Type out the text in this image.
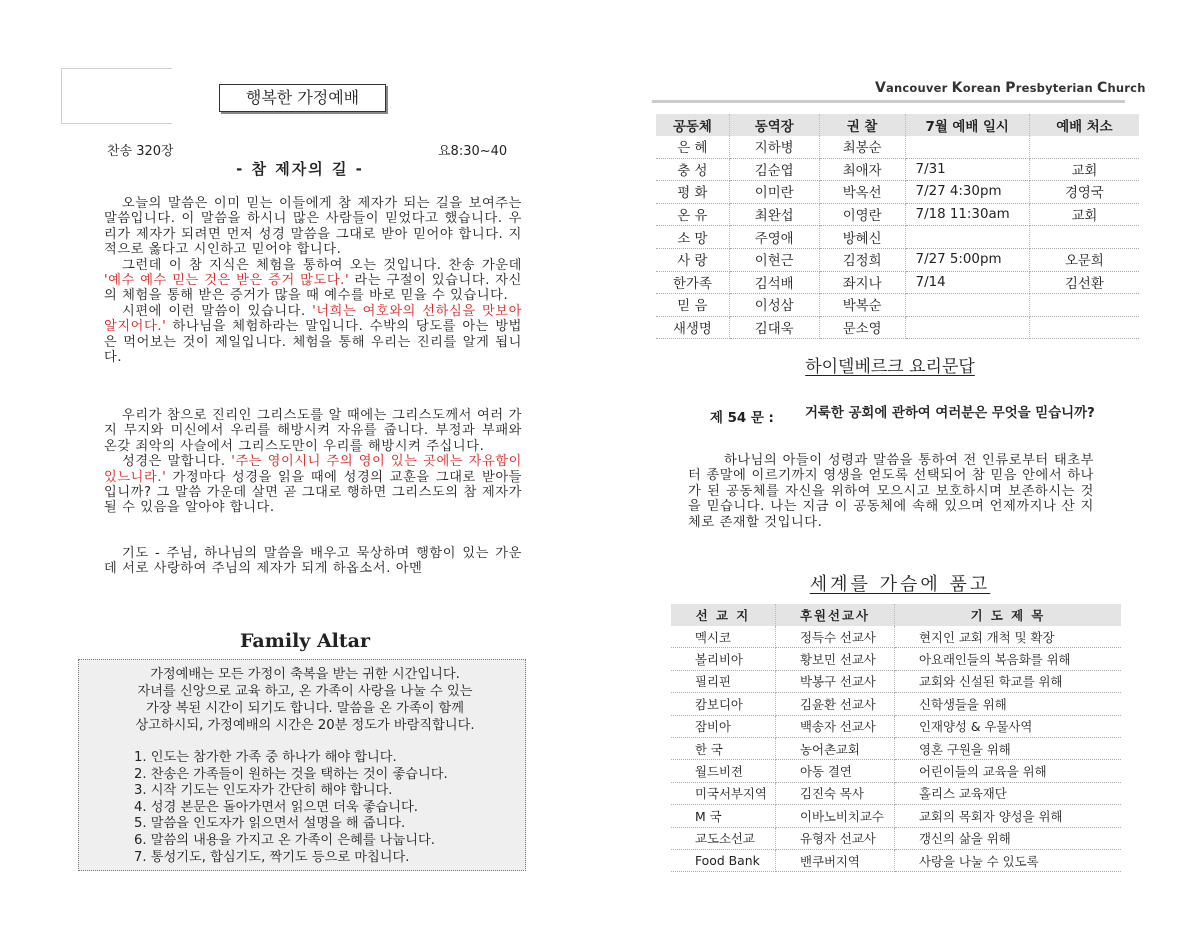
행복한 가정예배
찬송 320장	요8:30~40
- 참 제자의 길 -

오늘의 말씀은 이미 믿는 이들에게 참 제자가 되는 길을 보여주는 말씀입니다. 이 말씀을 하시니 많은 사람들이 믿었다고 했습니다. 우리가 제자가 되려면 먼저 성경 말씀을 그대로 받아 믿어야 합니다. 지적으로 옳다고 시인하고 믿어야 합니다.

그런데 이 참 지식은 체험을 통하여 오는 것입니다. 찬송 가운데 '예수 예수 믿는 것은 받은 증거 많도다.' 라는 구절이 있습니다. 자신의 체험을 통해 받은 증거가 많을 때 예수를 바로 믿을 수 있습니다.

시편에 이런 말씀이 있습니다. '너희는 여호와의 선하심을 맛보아 알지어다.' 하나님을 체험하라는 말입니다. 수박의 당도를 아는 방법은 먹어보는 것이 제일입니다. 체험을 통해 우리는 진리를 알게 됩니다.

우리가 참으로 진리인 그리스도를 알 때에는 그리스도께서 여러 가지 무지와 미신에서 우리를 해방시켜 자유를 줍니다. 부정과 부패와 온갖 죄악의 사슬에서 그리스도만이 우리를 해방시켜 주십니다.

성경은 말합니다. '주는 영이시니 주의 영이 있는 곳에는 자유함이 있느니라.' 가정마다 성경을 읽을 때에 성경의 교훈을 그대로 받아들입니까? 그 말씀 가운데 살면 곧 그대로 행하면 그리스도의 참 제자가 될 수 있음을 알아야 합니다.

기도 - 주님, 하나님의 말씀을 배우고 묵상하며 행함이 있는 가운데 서로 사랑하여 주님의 제자가 되게 하옵소서. 아멘

Family Altar
가정예배는 모든 가정이 축복을 받는 귀한 시간입니다.
자녀를 신앙으로 교육 하고, 온 가족이 사랑을 나눌 수 있는
가장 복된 시간이 되기도 합니다. 말씀을 온 가족이 함께
상고하시되, 가정예배의 시간은 20분 정도가 바람직합니다.
1. 인도는 참가한 가족 중 하나가 해야 합니다.
2. 찬송은 가족들이 원하는 것을 택하는 것이 좋습니다.
3. 시작 기도는 인도자가 간단히 해야 합니다.
4. 성경 본문은 돌아가면서 읽으면 더욱 좋습니다.
5. 말씀을 인도자가 읽으면서 설명을 해 줍니다.
6. 말씀의 내용을 가지고 온 가족이 은혜를 나눕니다.
7. 통성기도, 합심기도, 짝기도 등으로 마칩니다.
Vancouver Korean Presbyterian Church
공동체	동역장	권 찰	7월 예배 일시	예배 처소
은 혜	지하병	최봉순		
충 성	김순엽	최애자	7/31	교회
평 화	이미란	박옥선	7/27 4:30pm	경영국
온 유	최완섭	이영란	7/18 11:30am	교회
소 망	주영애	방혜신		
사 랑	이현근	김정희	7/27 5:00pm	오문희
한가족	김석배	좌지나	7/14	김선환
믿 음	이성삼	박복순		
새생명	김대욱	문소영		
하이델베르크 요리문답
제 54 문 :	거룩한 공회에 관하여 여러분은 무엇을 믿습니까?

하나님의 아들이 성령과 말씀을 통하여 전 인류로부터 태초부터 종말에 이르기까지 영생을 얻도록 선택되어 참 믿음 안에서 하나가 된 공동체를 자신을 위하여 모으시고 보호하시며 보존하시는 것을 믿습니다. 나는 지금 이 공동체에 속해 있으며 언제까지나 산 지체로 존재할 것입니다.

세계를 가슴에 품고
선 교 지	후원선교사	기 도 제 목
멕시코	정득수 선교사	현지인 교회 개척 및 확장
볼리비아	황보민 선교사	아요래인들의 복음화를 위해
필리핀	박봉구 선교사	교회와 신설된 학교를 위해
캄보디아	김윤환 선교사	신학생들을 위해
잠비아	백송자 선교사	인재양성 & 우물사역
한 국	농어촌교회	영혼 구원을 위해
월드비젼	아동 결연	어린이들의 교육을 위해
미국서부지역	김진숙 목사	홀리스 교육재단
M 국	이바노비치교수	교회의 목회자 양성을 위해
교도소선교	유형자 선교사	갱신의 삶을 위해
Food Bank	밴쿠버지역	사랑을 나눌 수 있도록
